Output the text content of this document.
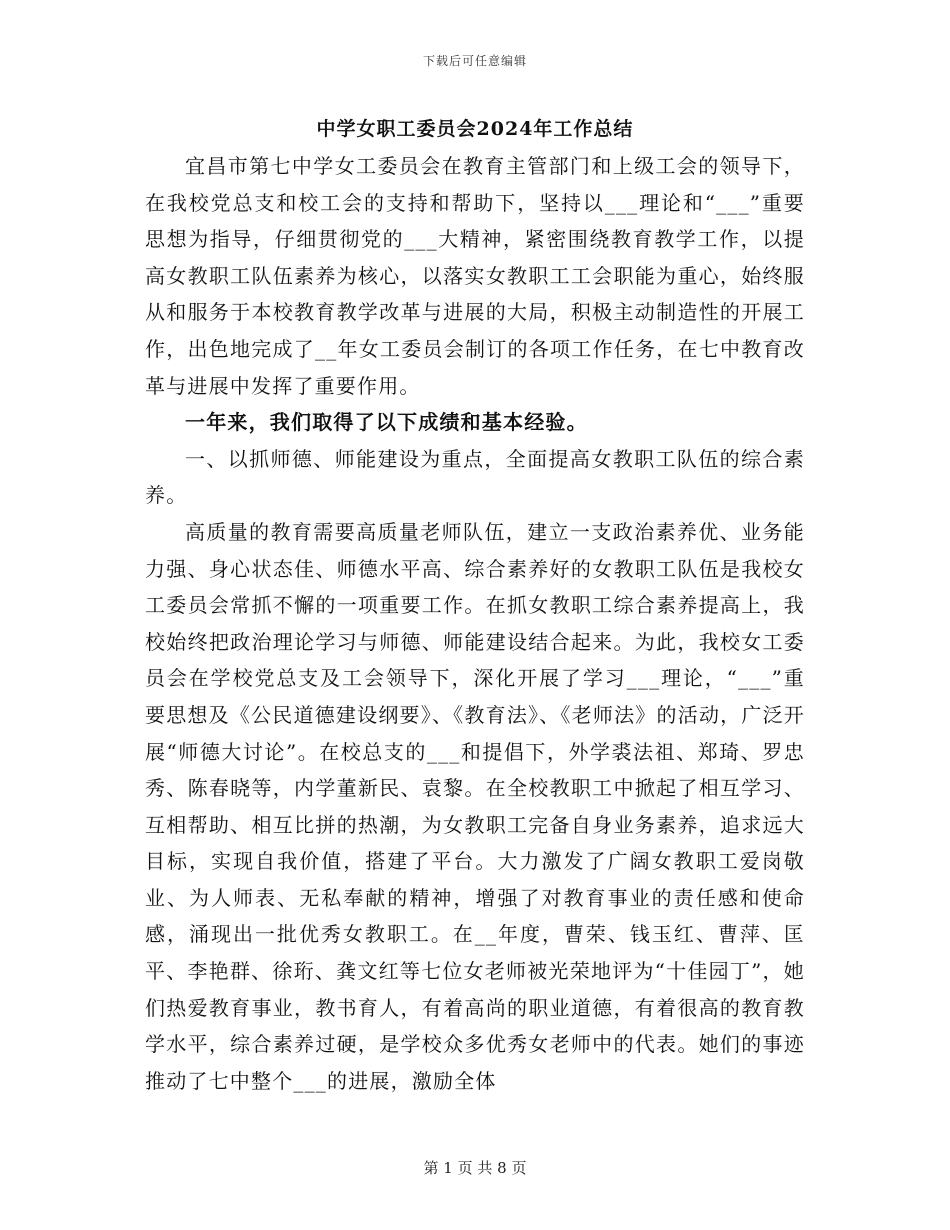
下载后可任意编辑
中学女职工委员会2024年工作总结

宜昌市第七中学女工委员会在教育主管部门和上级工会的领导下，在我校党总支和校工会的支持和帮助下，坚持以___理论和“___”重要思想为指导，仔细贯彻党的___大精神，紧密围绕教育教学工作，以提高女教职工队伍素养为核心，以落实女教职工工会职能为重心，始终服从和服务于本校教育教学改革与进展的大局，积极主动制造性的开展工作，出色地完成了__年女工委员会制订的各项工作任务，在七中教育改革与进展中发挥了重要作用。

一年来，我们取得了以下成绩和基本经验。

一、以抓师德、师能建设为重点，全面提高女教职工队伍的综合素养。

高质量的教育需要高质量老师队伍，建立一支政治素养优、业务能力强、身心状态佳、师德水平高、综合素养好的女教职工队伍是我校女工委员会常抓不懈的一项重要工作。在抓女教职工综合素养提高上，我校始终把政治理论学习与师德、师能建设结合起来。为此，我校女工委员会在学校党总支及工会领导下，深化开展了学习___理论，“___”重要思想及《公民道德建设纲要》、《教育法》、《老师法》的活动，广泛开展“师德大讨论”。在校总支的___和提倡下，外学裘法祖、郑琦、罗忠秀、陈春晓等，内学董新民、袁黎。在全校教职工中掀起了相互学习、互相帮助、相互比拼的热潮，为女教职工完备自身业务素养，追求远大目标，实现自我价值，搭建了平台。大力激发了广阔女教职工爱岗敬业、为人师表、无私奉献的精神，增强了对教育事业的责任感和使命感，涌现出一批优秀女教职工。在__年度，曹荣、钱玉红、曹萍、匡平、李艳群、徐珩、龚文红等七位女老师被光荣地评为“十佳园丁”，她们热爱教育事业，教书育人，有着高尚的职业道德，有着很高的教育教学水平，综合素养过硬，是学校众多优秀女老师中的代表。她们的事迹推动了七中整个___的进展，激励全体

第 1 页 共 8 页
